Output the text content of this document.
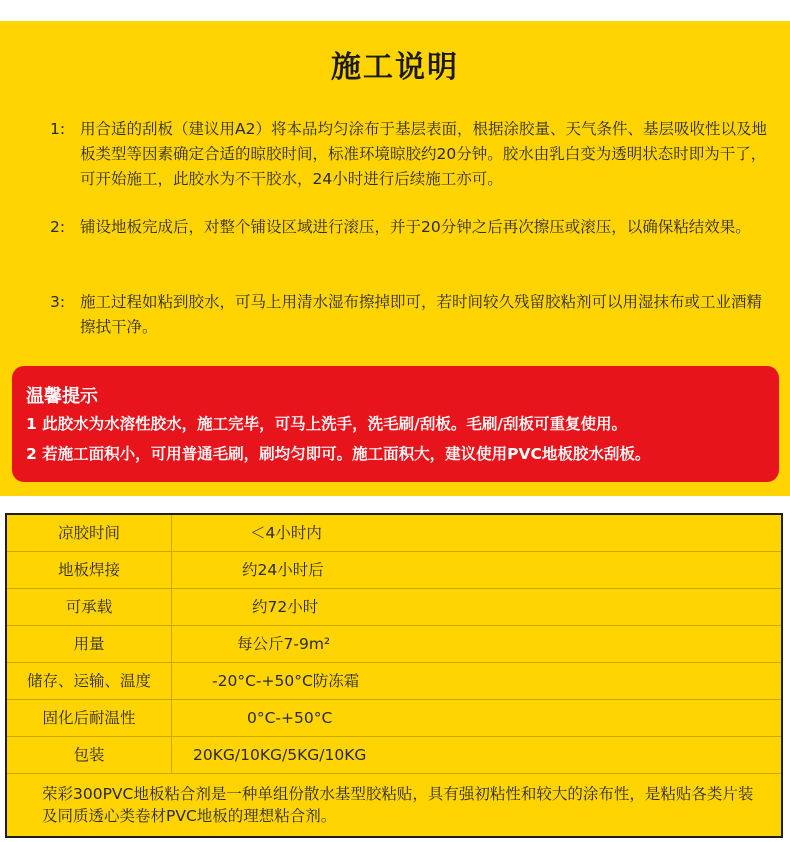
施工说明
1: 用合适的刮板（建议用A2）将本品均匀涂布于基层表面，根据涂胶量、天气条件、基层吸收性以及地板类型等因素确定合适的晾胶时间，标准环境晾胶约20分钟。胶水由乳白变为透明状态时即为干了，可开始施工，此胶水为不干胶水，24小时进行后续施工亦可。
2: 铺设地板完成后，对整个铺设区域进行滚压，并于20分钟之后再次擦压或滚压，以确保粘结效果。
3: 施工过程如粘到胶水，可马上用清水湿布擦掉即可，若时间较久残留胶粘剂可以用湿抹布或工业酒精擦拭干净。
温馨提示
1 此胶水为水溶性胶水，施工完毕，可马上洗手，洗毛刷/刮板。毛刷/刮板可重复使用。
2 若施工面积小，可用普通毛刷，刷均匀即可。施工面积大，建议使用PVC地板胶水刮板。
凉胶时间	＜4小时内
地板焊接	约24小时后
可承载	约72小时
用量	每公斤7-9m²
储存、运输、温度	-20°C-+50°C防冻霜
固化后耐温性	0°C-+50°C
包装	20KG/10KG/5KG/10KG
荣彩300PVC地板粘合剂是一种单组份散水基型胶粘贴，具有强初粘性和较大的涂布性，是粘贴各类片装及同质透心类卷材PVC地板的理想粘合剂。
